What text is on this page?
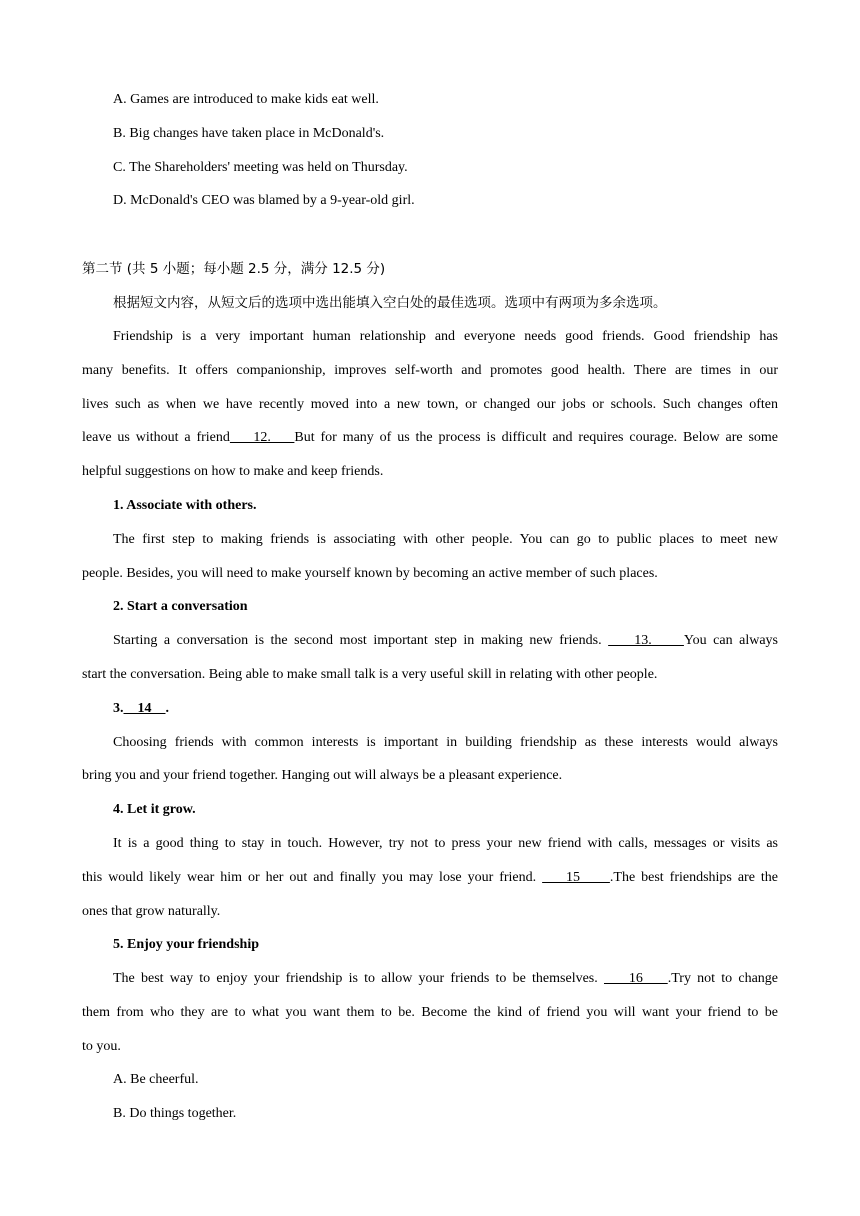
A. Games are introduced to make kids eat well.
B. Big changes have taken place in McDonald's.
C. The Shareholders' meeting was held on Thursday.
D. McDonald's CEO was blamed by a 9-year-old girl.
第二节 (共 5 小题；每小题 2.5 分，满分 12.5 分)
根据短文内容，从短文后的选项中选出能填入空白处的最佳选项。选项中有两项为多余选项。
Friendship is a very important human relationship and everyone needs good friends. Good friendship has
many benefits. It offers companionship, improves self-worth and promotes good health. There are times in our
lives such as when we have recently moved into a new town, or changed our jobs or schools. Such changes often
leave us without a friend    12.    But for many of us the process is difficult and requires courage. Below are some
helpful suggestions on how to make and keep friends.
1. Associate with others.
The first step to making friends is associating with other people. You can go to public places to meet new
people. Besides, you will need to make yourself known by becoming an active member of such places.
2. Start a conversation
Starting a conversation is the second most important step in making new friends.     13.     You can always
start the conversation. Being able to make small talk is a very useful skill in relating with other people.
3.    14    .
Choosing friends with common interests is important in building friendship as these interests would always
bring you and your friend together. Hanging out will always be a pleasant experience.
4. Let it grow.
It is a good thing to stay in touch. However, try not to press your new friend with calls, messages or visits as
this would likely wear him or her out and finally you may lose your friend.     15     .The best friendships are the
ones that grow naturally.
5. Enjoy your friendship
The best way to enjoy your friendship is to allow your friends to be themselves.     16    .Try not to change
them from who they are to what you want them to be. Become the kind of friend you will want your friend to be
to you.
A. Be cheerful.
B. Do things together.
